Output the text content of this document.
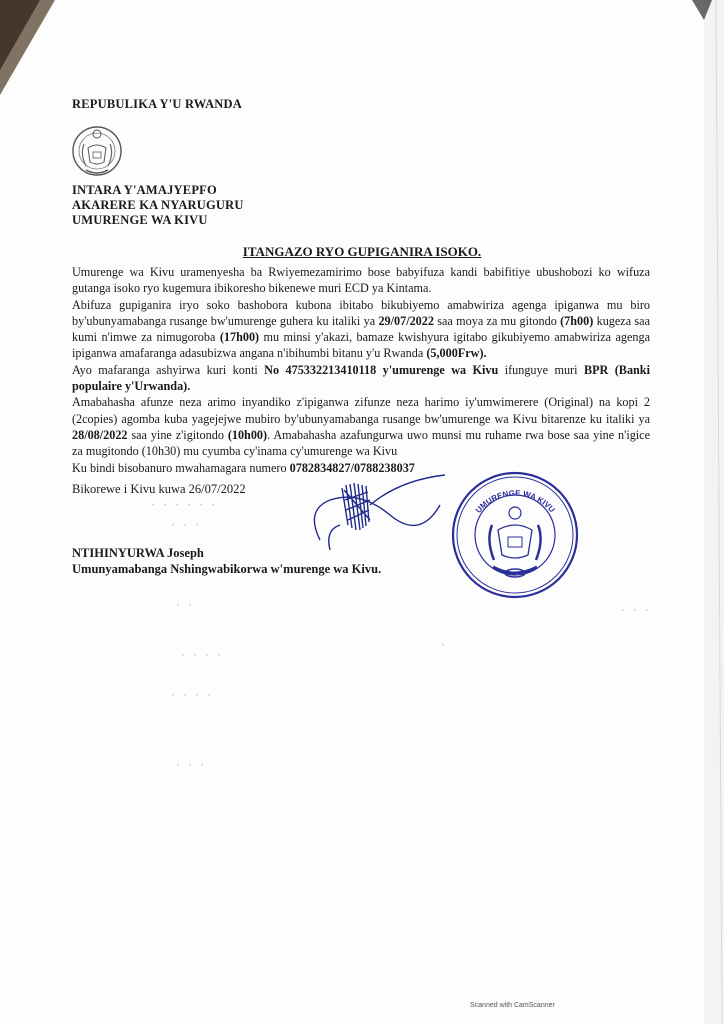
REPUBULIKA Y'U RWANDA
INTARA Y'AMAJYEPFO
AKARERE KA NYARUGURU
UMURENGE WA KIVU
ITANGAZO RYO GUPIGANIRA ISOKO.

Umurenge wa Kivu uramenyesha ba Rwiyemezamirimo bose babyifuza kandi babifitiye ubushobozi ko wifuza gutanga isoko ryo kugemura ibikoresho bikenewe muri ECD ya Kintama.

Abifuza gupiganira iryo soko bashobora kubona ibitabo bikubiyemo amabwiriza agenga ipiganwa mu biro by'ubunyamabanga rusange bw'umurenge guhera ku italiki ya 29/07/2022 saa moya za mu gitondo (7h00) kugeza saa kumi n'imwe za nimugoroba (17h00) mu minsi y'akazi, bamaze kwishyura igitabo gikubiyemo amabwiriza agenga ipiganwa amafaranga adasubizwa angana n'ibihumbi bitanu y'u Rwanda (5,000Frw).

Ayo mafaranga ashyirwa kuri konti No 475332213410118 y'umurenge wa Kivu ifunguye muri BPR (Banki populaire y'Urwanda).

Amabahasha afunze neza arimo inyandiko z'ipiganwa zifunze neza harimo iy'umwimerere (Original) na kopi 2 (2copies) agomba kuba yagejejwe mubiro by'ubunyamabanga rusange bw'umurenge wa Kivu bitarenze ku italiki ya 28/08/2022 saa yine z'igitondo (10h00). Amabahasha azafungurwa uwo munsi mu ruhame rwa bose saa yine n'igice za mugitondo (10h30) mu cyumba cy'inama cy'umurenge wa Kivu

Ku bindi bisobanuro mwahamagara numero 0782834827/0788238037

Bikorewe i Kivu kuwa 26/07/2022
· · · · · ·
· · ·
· ·
· · · ·
· · · ·
· · ·
· · ·
·
UMURENGE WA KIVU
NTIHINYURWA Joseph
Umunyamabanga Nshingwabikorwa w'murenge wa Kivu.
Scanned with CamScanner
